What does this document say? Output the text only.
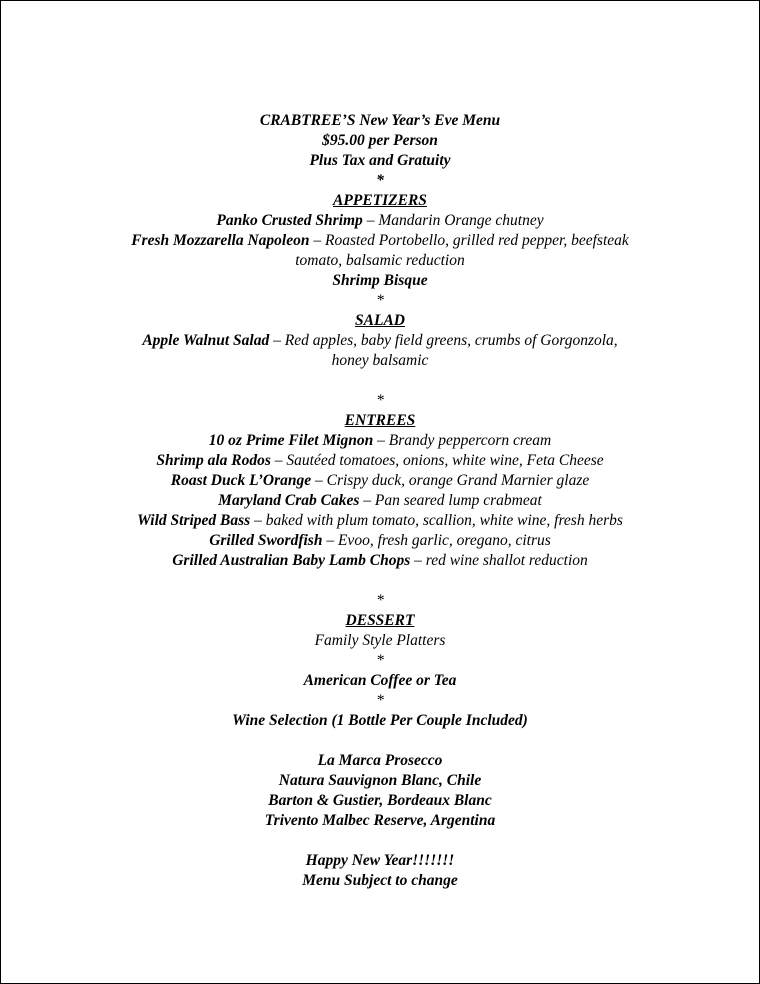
CRABTREE’S New Year’s Eve Menu
$95.00 per Person
Plus Tax and Gratuity
*
APPETIZERS
Panko Crusted Shrimp – Mandarin Orange chutney
Fresh Mozzarella Napoleon – Roasted Portobello, grilled red pepper, beefsteak
tomato, balsamic reduction
Shrimp Bisque
*
SALAD
Apple Walnut Salad – Red apples, baby field greens, crumbs of Gorgonzola,
honey balsamic
*
ENTREES
10 oz Prime Filet Mignon – Brandy peppercorn cream
Shrimp ala Rodos – Sautéed tomatoes, onions, white wine, Feta Cheese
Roast Duck L’Orange – Crispy duck, orange Grand Marnier glaze
Maryland Crab Cakes – Pan seared lump crabmeat
Wild Striped Bass – baked with plum tomato, scallion, white wine, fresh herbs
Grilled Swordfish – Evoo, fresh garlic, oregano, citrus
Grilled Australian Baby Lamb Chops – red wine shallot reduction
*
DESSERT
Family Style Platters
*
American Coffee or Tea
*
Wine Selection (1 Bottle Per Couple Included)
La Marca Prosecco
Natura Sauvignon Blanc, Chile
Barton & Gustier, Bordeaux Blanc
Trivento Malbec Reserve, Argentina
Happy New Year!!!!!!!
Menu Subject to change
